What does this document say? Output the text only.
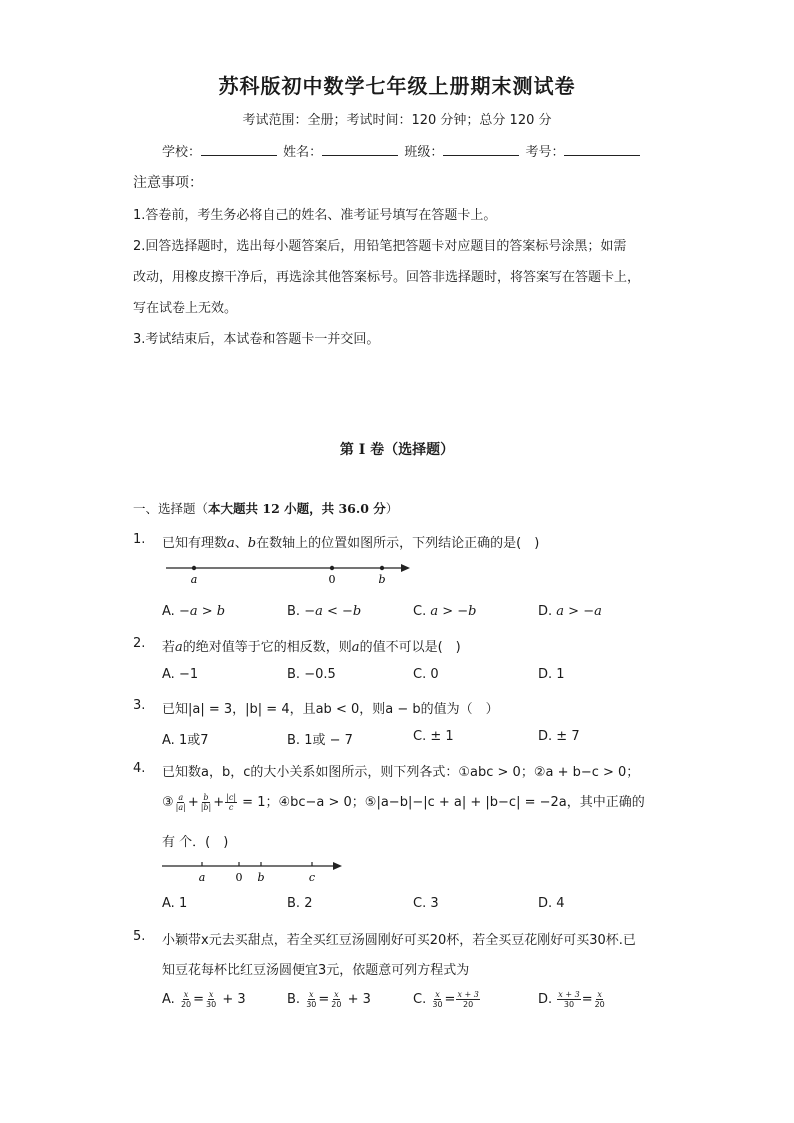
苏科版初中数学七年级上册期末测试卷
考试范围：全册；考试时间：120 分钟；总分 120 分
学校：	姓名：	班级：	考号：
注意事项：
1.答卷前，考生务必将自己的姓名、准考证号填写在答题卡上。
2.回答选择题时，选出每小题答案后，用铅笔把答题卡对应题目的答案标号涂黑；如需
改动，用橡皮擦干净后，再选涂其他答案标号。回答非选择题时，将答案写在答题卡上，
写在试卷上无效。
3.考试结束后，本试卷和答题卡一并交回。
第 I 卷（选择题）
一、选择题（本大题共 12 小题，共 36.0 分）
1. 已知有理数a、b在数轴上的位置如图所示，下列结论正确的是(　)
a	0	b
A. −a > b	B. −a < −b	C. a > −b	D. a > −a
2. 若a的绝对值等于它的相反数，则a的值不可以是(　)
A. −1	B. −0.5	C. 0	D. 1
3. 已知|a| = 3，|b| = 4，且ab < 0，则a − b的值为（　）
A. 1或7	B. 1或 − 7	C. ± 1	D. ± 7
4. 已知数a，b，c的大小关系如图所示，则下列各式：①abc > 0；②a + b−c > 0；
③ $\frac{a}{|a|} + \frac{b}{|b|} + \frac{|c|}{c} = 1$；④bc−a > 0；⑤|a−b|−|c + a| + |b−c| = −2a，其中正确的
有 个．(　)
a	0 b	c
A. 1	B. 2	C. 3	D. 4
5. 小颖带x元去买甜点，若全买红豆汤圆刚好可买20杯，若全买豆花刚好可买30杯.已
知豆花每杯比红豆汤圆便宜3元，依题意可列方程式为
A. $\frac{x}{20} = \frac{x}{30} + 3$	B. $\frac{x}{30} = \frac{x}{20} + 3$	C. $\frac{x}{30} = \frac{x + 3}{20}$	D. $\frac{x + 3}{30} = \frac{x}{20}$
